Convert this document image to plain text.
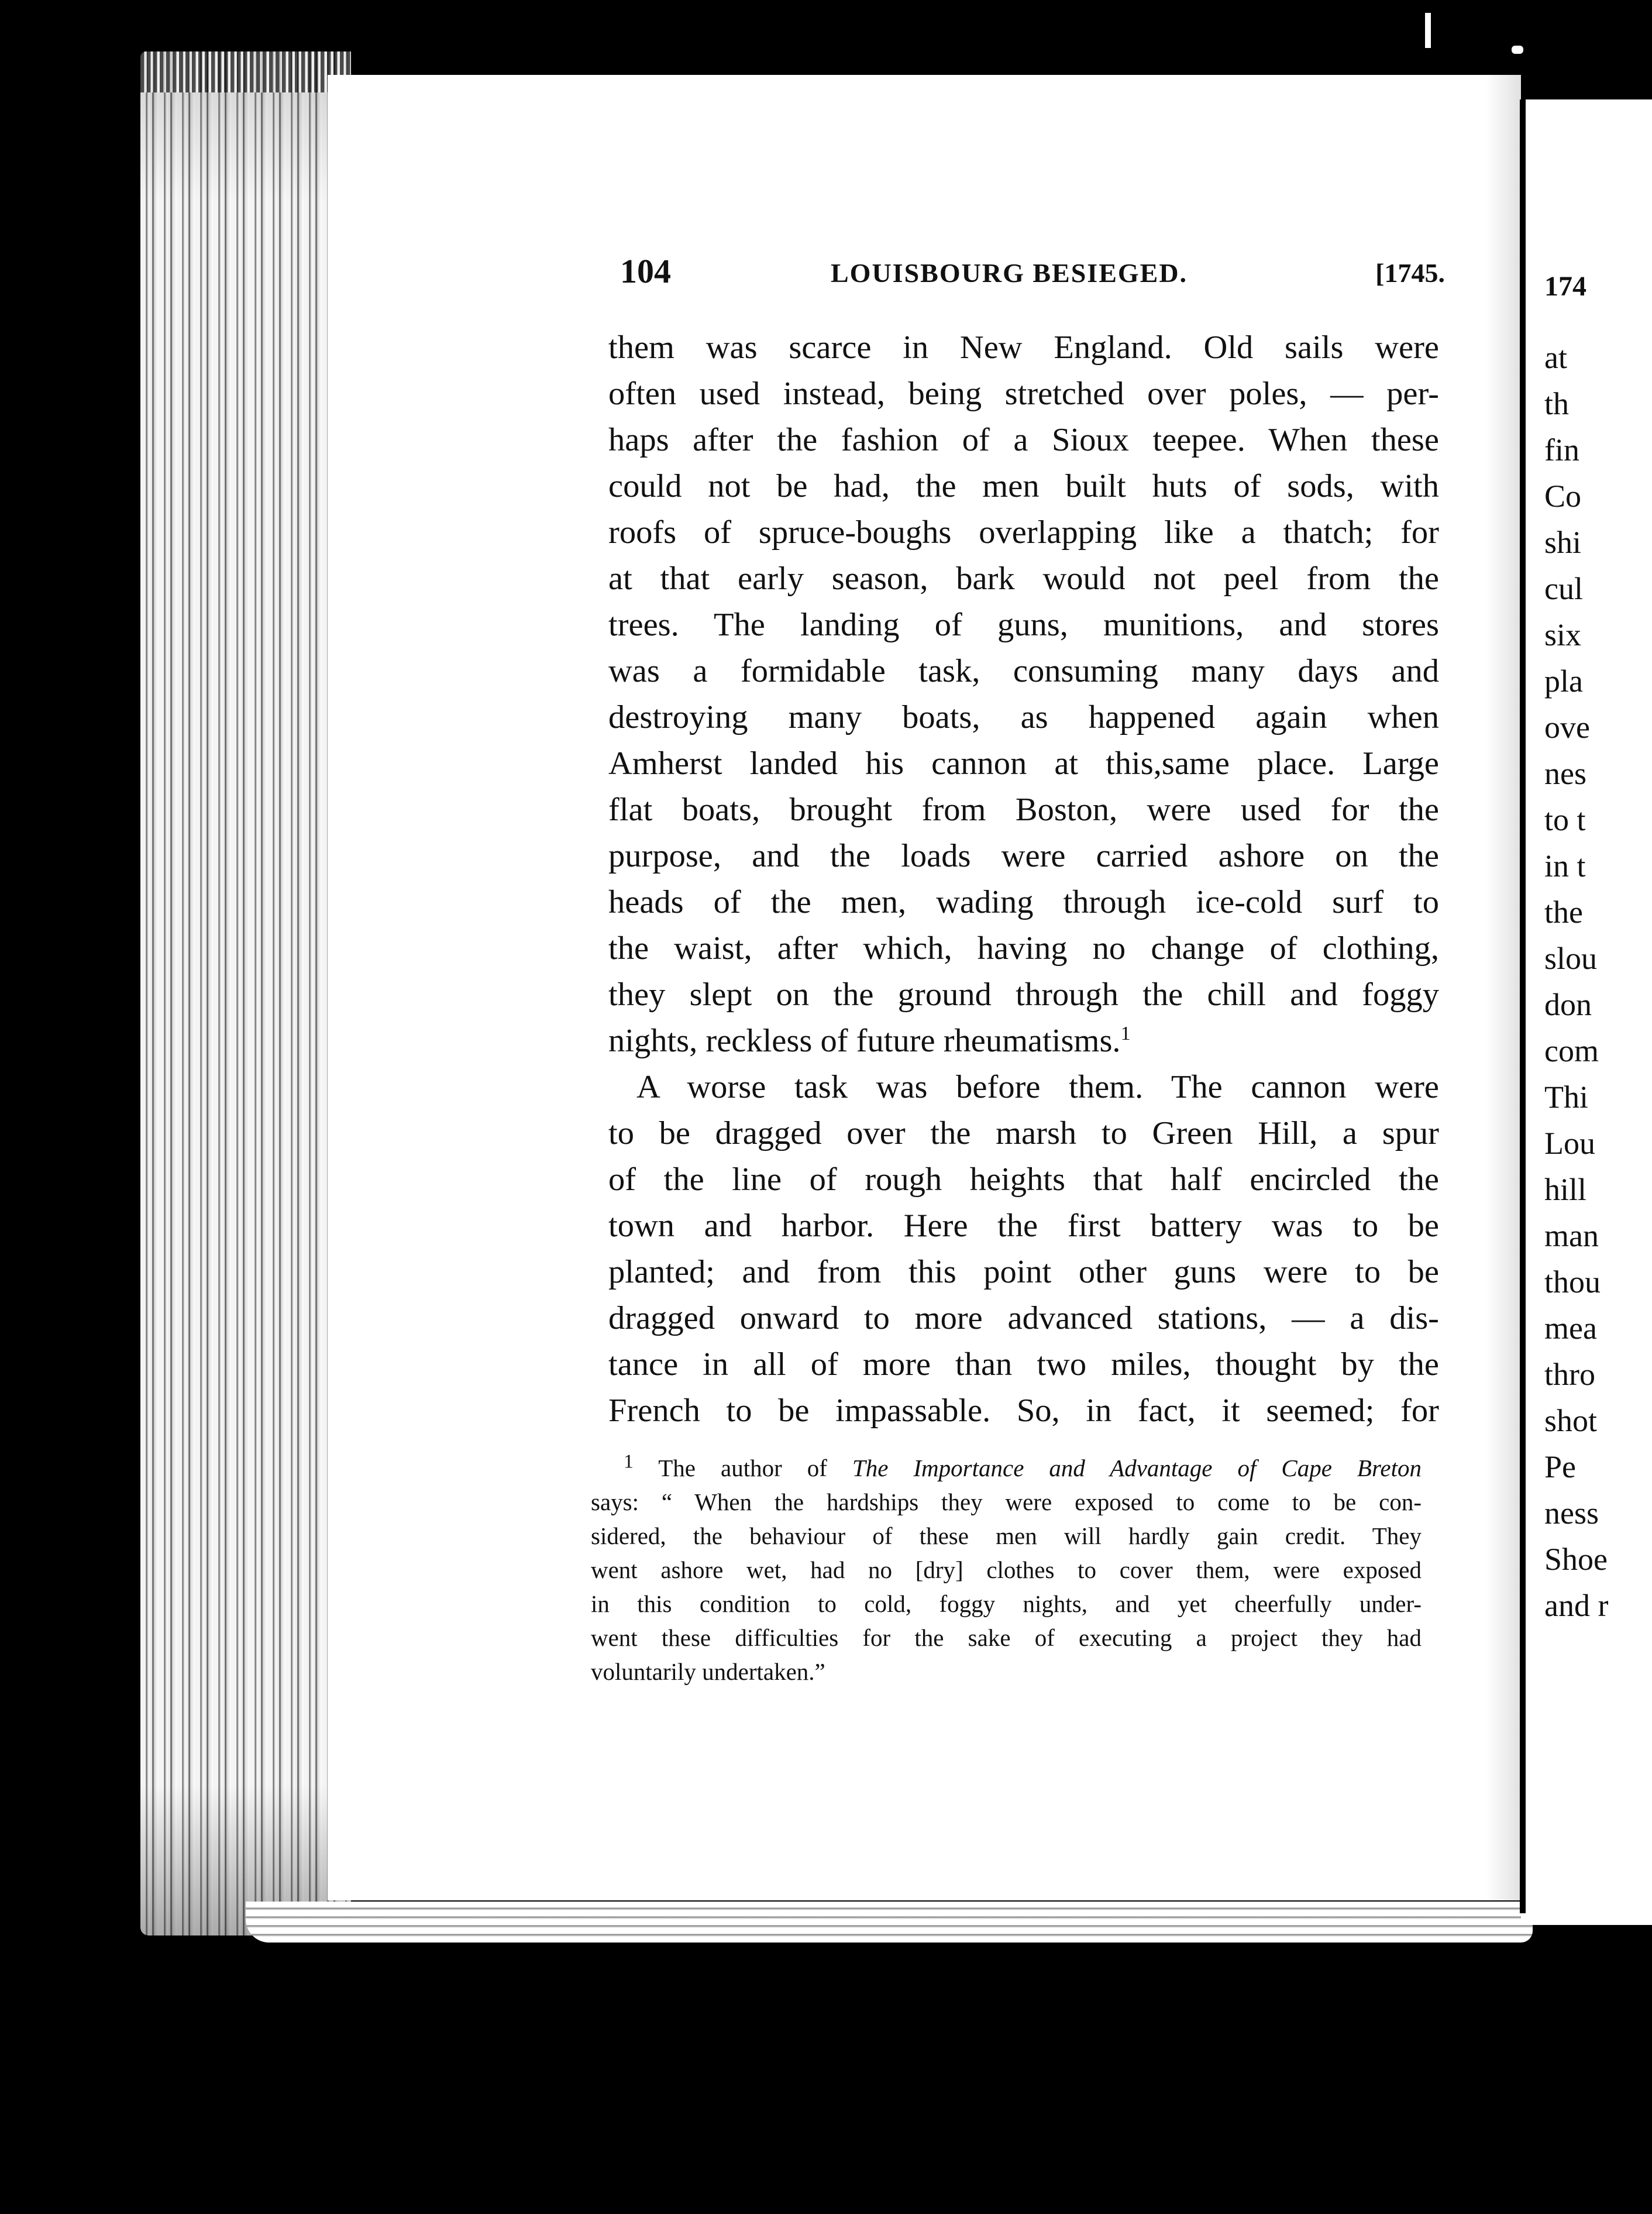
174
at
th
fin
Co
shi
cul
six
pla
ove
nes
to t
in t
the
slou
don
com
Thi
Lou
hill
man
thou
mea
thro
shot
Pe
ness
Shoe
and r
104	LOUISBOURG BESIEGED.	[1745.
them was scarce in New England. Old sails were
often used instead, being stretched over poles, — per-
haps after the fashion of a Sioux teepee. When these
could not be had, the men built huts of sods, with
roofs of spruce-boughs overlapping like a thatch; for
at that early season, bark would not peel from the
trees. The landing of guns, munitions, and stores
was a formidable task, consuming many days and
destroying many boats, as happened again when
Amherst landed his cannon at this,same place. Large
flat boats, brought from Boston, were used for the
purpose, and the loads were carried ashore on the
heads of the men, wading through ice-cold surf to
the waist, after which, having no change of clothing,
they slept on the ground through the chill and foggy
nights, reckless of future rheumatisms.$^1$
A worse task was before them. The cannon were
to be dragged over the marsh to Green Hill, a spur
of the line of rough heights that half encircled the
town and harbor. Here the first battery was to be
planted; and from this point other guns were to be
dragged onward to more advanced stations, — a dis-
tance in all of more than two miles, thought by the
French to be impassable. So, in fact, it seemed; for
$^1$ The author of The Importance and Advantage of Cape Breton
says: “ When the hardships they were exposed to come to be con-
sidered, the behaviour of these men will hardly gain credit. They
went ashore wet, had no [dry] clothes to cover them, were exposed
in this condition to cold, foggy nights, and yet cheerfully under-
went these difficulties for the sake of executing a project they had
voluntarily undertaken.”
